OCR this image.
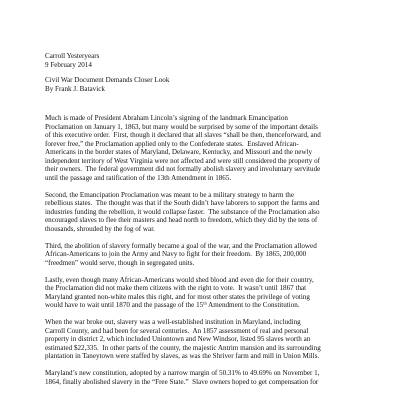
Carroll Yesteryears
9 February 2014
Civil War Document Demands Closer Look
By Frank J. Batavick
Much is made of President Abraham Lincoln’s signing of the landmark Emancipation
Proclamation on January 1, 1863, but many would be surprised by some of the important details
of this executive order.  First, though it declared that all slaves “shall be then, thenceforward, and
forever free,” the Proclamation applied only to the Confederate states.  Enslaved African-
Americans in the border states of Maryland, Delaware, Kentucky, and Missouri and the newly
independent territory of West Virginia were not affected and were still considered the property of
their owners.  The federal government did not formally abolish slavery and involuntary servitude
until the passage and ratification of the 13th Amendment in 1865.
Second, the Emancipation Proclamation was meant to be a military strategy to harm the
rebellious states.  The thought was that if the South didn’t have laborers to support the farms and
industries funding the rebellion, it would collapse faster.  The substance of the Proclamation also
encouraged slaves to flee their masters and head north to freedom, which they did by the tens of
thousands, shrouded by the fog of war.
Third, the abolition of slavery formally became a goal of the war, and the Proclamation allowed
African-Americans to join the Army and Navy to fight for their freedom.  By 1865, 200,000
“freedmen” would serve, though in segregated units.
Lastly, even though many African-Americans would shed blood and even die for their country,
the Proclamation did not make them citizens with the right to vote.  It wasn’t until 1867 that
Maryland granted non-white males this right, and for most other states the privilege of voting
would have to wait until 1870 and the passage of the 15th Amendment to the Constitution.
When the war broke out, slavery was a well-established institution in Maryland, including
Carroll County, and had been for several centuries.  An 1857 assessment of real and personal
property in district 2, which included Uniontown and New Windsor, listed 95 slaves worth an
estimated $22,335.  In other parts of the county, the majestic Antrim mansion and its surrounding
plantation in Taneytown were staffed by slaves, as was the Shriver farm and mill in Union Mills.
Maryland’s new constitution, adopted by a narrow margin of 50.31% to 49.69% on November 1,
1864, finally abolished slavery in the “Free State.”  Slave owners hoped to get compensation for
